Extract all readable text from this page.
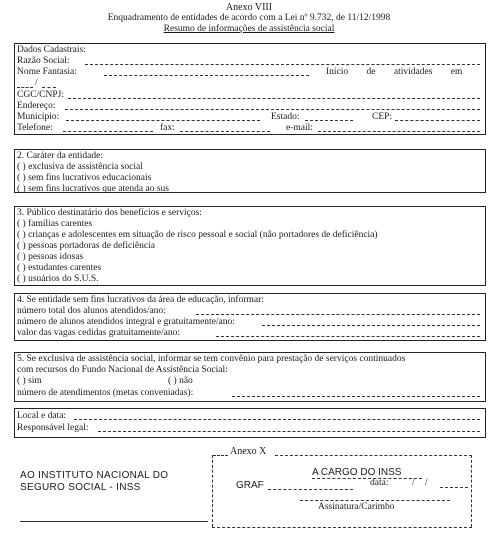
Anexo VIII
Enquadramento de entidades de acordo com a Lei nº 9.732, de 11/12/1998
Resumo de informações de assistência social
Dados Cadastrais:
Razão Social:
Nome Fantasia:	Início de atividades em
/
CGC/CNPJ:
Endereço:
Município:	Estado:	CEP:
Telefone:	fax:	e-mail:
2. Caráter da entidade:
( ) exclusiva de assistência social
( ) sem fins lucrativos educacionais
( ) sem fins lucrativos que atenda ao sus
3. Público destinatário dos benefícios e serviços:
( ) famílias carentes
( ) crianças e adolescentes em situação de risco pessoal e social (não portadores de deficiência)
( ) pessoas portadoras de deficiência
( ) pessoas idosas
( ) estudantes carentes
( ) usuários do S.U.S.
4. Se entidade sem fins lucrativos da área de educação, informar:
número total dos alunos atendidos/ano:
número de alunos atendidos integral e gratuitamente/ano:
valor das vagas cedidas gratuitamente/ano:
5. Se exclusiva de assistência social, informar se tem convênio para prestação de serviços continuados
com recursos do Fundo Nacional de Assistência Social:
( ) sim	( ) não
número de atendimentos (metas conveniadas):
Local e data:
Responsável legal:
Anexo X
AO INSTITUTO NACIONAL DO
SEGURO SOCIAL - INSS
A CARGO DO INSS
GRAF	data: / /
Assinatura/Carimbo
